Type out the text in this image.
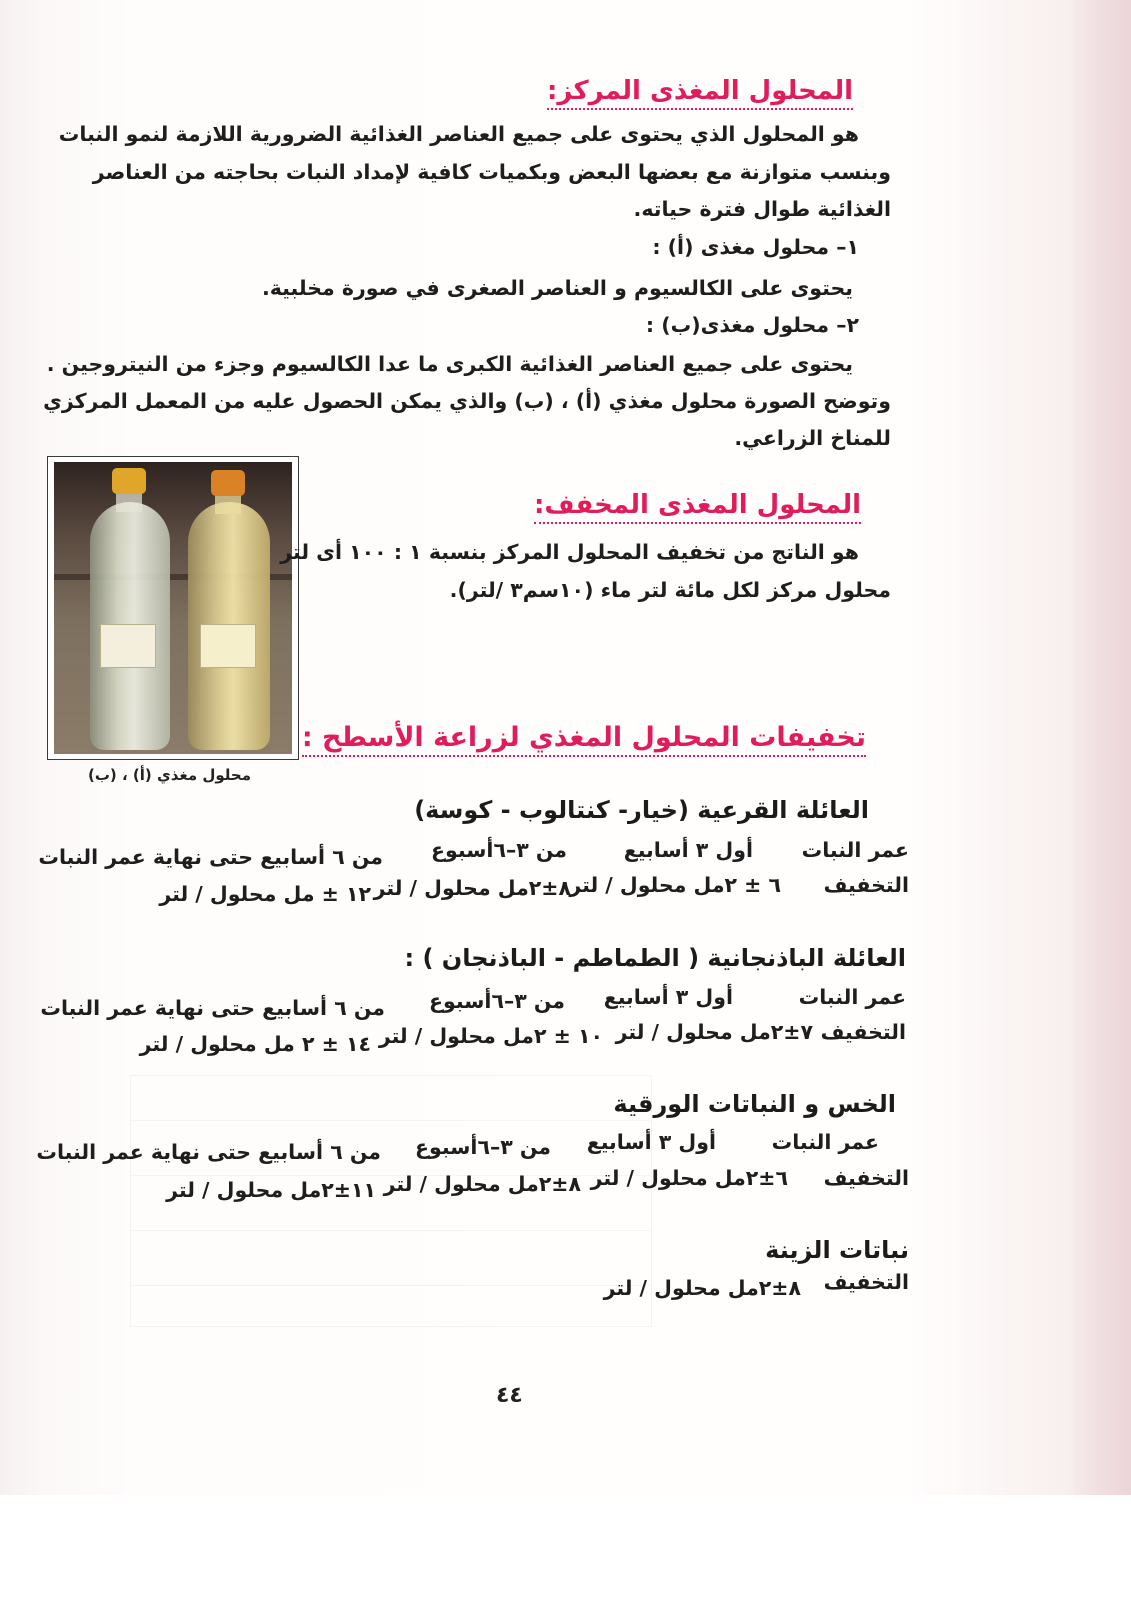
المحلول المغذى المركز:
هو المحلول الذي يحتوى على جميع العناصر الغذائية الضرورية اللازمة لنمو النبات
وبنسب متوازنة مع بعضها البعض وبكميات كافية لإمداد النبات بحاجته من العناصر
الغذائية طوال فترة حياته.
١– محلول مغذى (أ) :
يحتوى على الكالسيوم و العناصر الصغرى في صورة مخلبية.
٢– محلول مغذى(ب) :
يحتوى على جميع العناصر الغذائية الكبرى ما عدا الكالسيوم وجزء من النيتروجين .
وتوضح الصورة محلول مغذي (أ) ، (ب) والذي يمكن الحصول عليه من المعمل المركزي
للمناخ الزراعي.
محلول مغذي (أ) ، (ب)
المحلول المغذى المخفف:
هو الناتج من تخفيف المحلول المركز بنسبة ١ : ١٠٠ أى لتر
محلول مركز لكل مائة لتر ماء (١٠سم٣ /لتر).
تخفيفات المحلول المغذي لزراعة الأسطح :
العائلة القرعية (خيار- كنتالوب - كوسة)
عمر النبات
أول ٣ أسابيع
من ٣–٦أسبوع
من ٦ أسابيع حتى نهاية عمر النبات
التخفيف
٦ ± ٢مل محلول / لتر
٨±٢مل محلول / لتر
١٢ ± مل محلول / لتر
العائلة الباذنجانية ( الطماطم - الباذنجان ) :
عمر النبات
أول ٣ أسابيع
من ٣–٦أسبوع
من ٦ أسابيع حتى نهاية عمر النبات
التخفيف
٧±٢مل محلول / لتر
١٠ ± ٢مل محلول / لتر
١٤ ± ٢ مل محلول / لتر
الخس و النباتات الورقية
عمر النبات
أول ٣ أسابيع
من ٣–٦أسبوع
من ٦ أسابيع حتى نهاية عمر النبات
التخفيف
٦±٢مل محلول / لتر
٨±٢مل محلول / لتر
١١±٢مل محلول / لتر
نباتات الزينة
التخفيف
٨±٢مل محلول / لتر
٤٤
